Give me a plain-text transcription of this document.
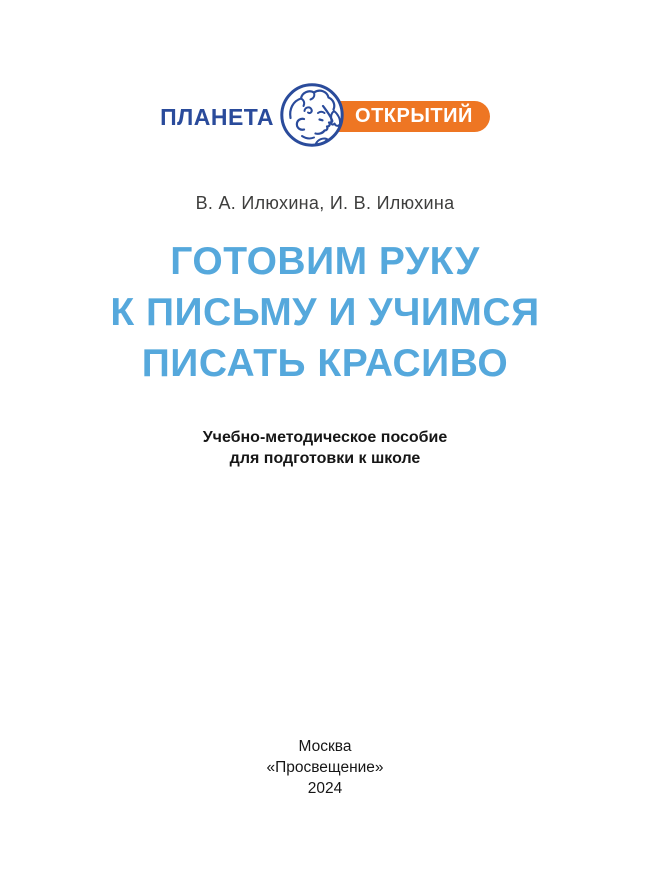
ПЛАНЕТА	ОТКРЫТИЙ
В. А. Илюхина, И. В. Илюхина
ГОТОВИМ РУКУ
К ПИСЬМУ И УЧИМСЯ
ПИСАТЬ КРАСИВО
Учебно-методическое пособие
для подготовки к школе
Москва
«Просвещение»
2024
